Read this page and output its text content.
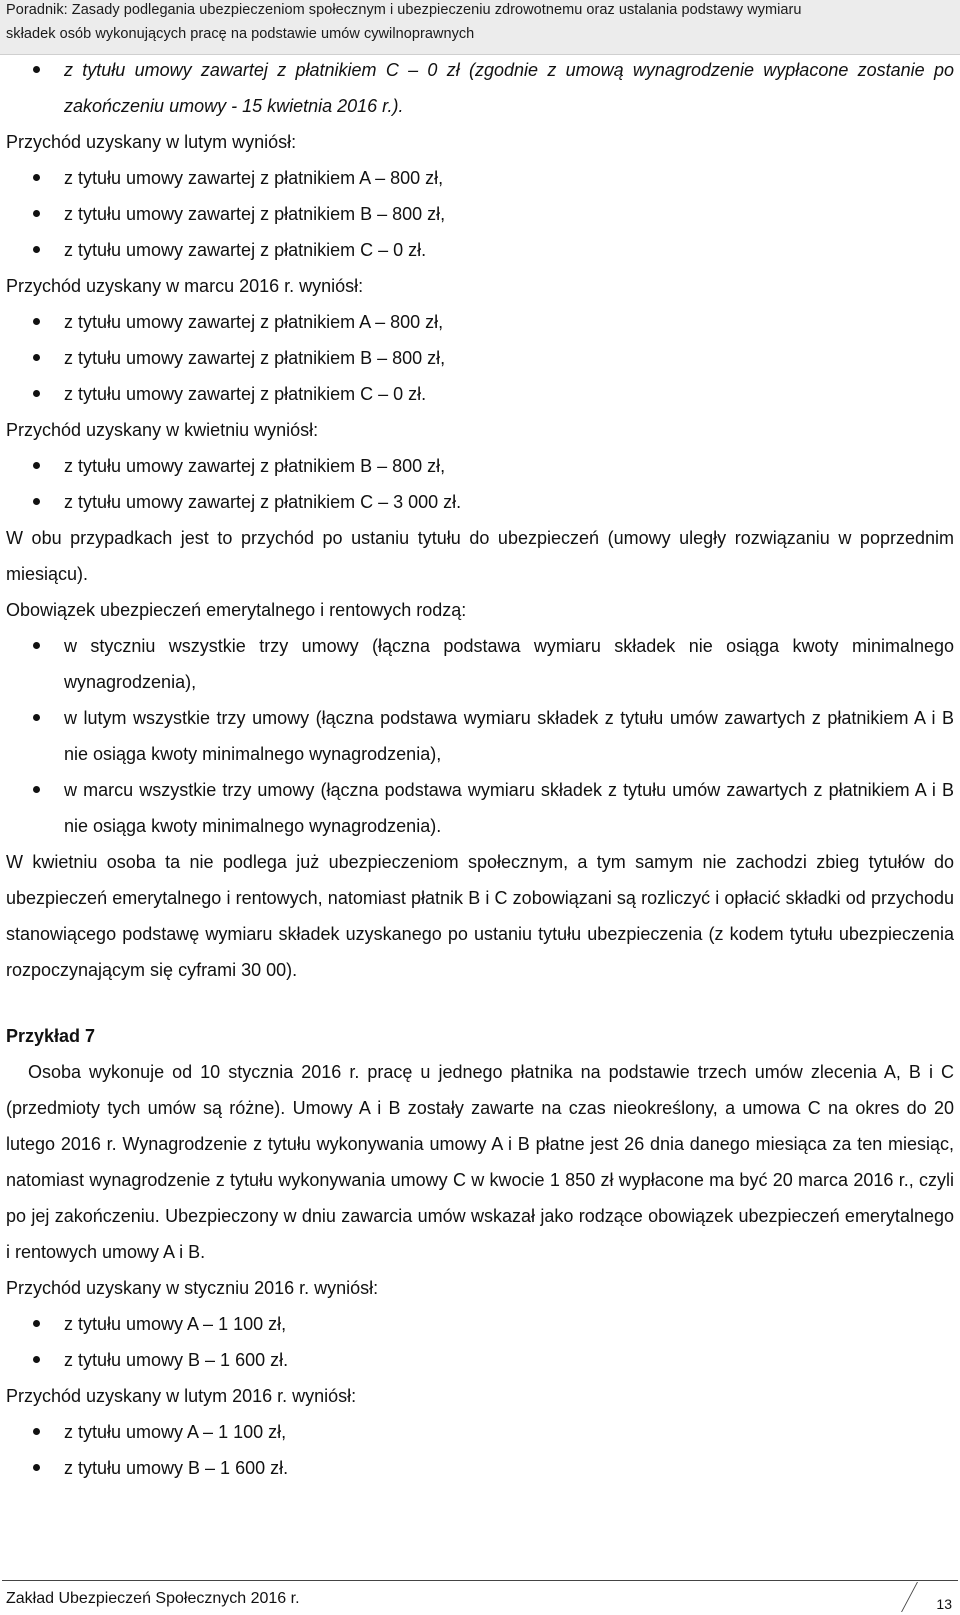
Poradnik: Zasady podlegania ubezpieczeniom społecznym i ubezpieczeniu zdrowotnemu oraz ustalania podstawy wymiaru
składek osób wykonujących pracę na podstawie umów cywilnoprawnych

z tytułu umowy zawartej z płatnikiem C – 0 zł (zgodnie z umową wynagrodzenie wypłacone zostanie po zakończeniu umowy - 15 kwietnia 2016 r.).

Przychód uzyskany w lutym wyniósł:

z tytułu umowy zawartej z płatnikiem A – 800 zł,

z tytułu umowy zawartej z płatnikiem B – 800 zł,

z tytułu umowy zawartej z płatnikiem C – 0 zł.

Przychód uzyskany w marcu 2016 r. wyniósł:

z tytułu umowy zawartej z płatnikiem A – 800 zł,

z tytułu umowy zawartej z płatnikiem B – 800 zł,

z tytułu umowy zawartej z płatnikiem C – 0 zł.

Przychód uzyskany w kwietniu wyniósł:

z tytułu umowy zawartej z płatnikiem B – 800 zł,

z tytułu umowy zawartej z płatnikiem C – 3 000 zł.

W obu przypadkach jest to przychód po ustaniu tytułu do ubezpieczeń (umowy uległy rozwiązaniu w poprzednim miesiącu).

Obowiązek ubezpieczeń emerytalnego i rentowych rodzą:

w styczniu wszystkie trzy umowy (łączna podstawa wymiaru składek nie osiąga kwoty minimalnego wynagrodzenia),

w lutym wszystkie trzy umowy (łączna podstawa wymiaru składek z tytułu umów zawartych z płatnikiem A i B nie osiąga kwoty minimalnego wynagrodzenia),

w marcu wszystkie trzy umowy (łączna podstawa wymiaru składek z tytułu umów zawartych z płatnikiem A i B nie osiąga kwoty minimalnego wynagrodzenia).

W kwietniu osoba ta nie podlega już ubezpieczeniom społecznym, a tym samym nie zachodzi zbieg tytułów do ubezpieczeń emerytalnego i rentowych, natomiast płatnik B i C zobowiązani są rozliczyć i opłacić składki od przychodu stanowiącego podstawę wymiaru składek uzyskanego po ustaniu tytułu ubezpieczenia (z kodem tytułu ubezpieczenia rozpoczynającym się cyframi 30 00).

Przykład 7

Osoba wykonuje od 10 stycznia 2016 r. pracę u jednego płatnika na podstawie trzech umów zlecenia A, B i C (przedmioty tych umów są różne). Umowy A i B zostały zawarte na czas nieokreślony, a umowa C na okres do 20 lutego 2016 r. Wynagrodzenie z tytułu wykonywania umowy A i B płatne jest 26 dnia danego miesiąca za ten miesiąc, natomiast wynagrodzenie z tytułu wykonywania umowy C w kwocie 1 850 zł wypłacone ma być 20 marca 2016 r., czyli po jej zakończeniu. Ubezpieczony w dniu zawarcia umów wskazał jako rodzące obowiązek ubezpieczeń emerytalnego i rentowych umowy A i B.

Przychód uzyskany w styczniu 2016 r. wyniósł:

z tytułu umowy A – 1 100 zł,

z tytułu umowy B – 1 600 zł.

Przychód uzyskany w lutym 2016 r. wyniósł:

z tytułu umowy A – 1 100 zł,

z tytułu umowy B – 1 600 zł.

Zakład Ubezpieczeń Społecznych 2016 r.	13
